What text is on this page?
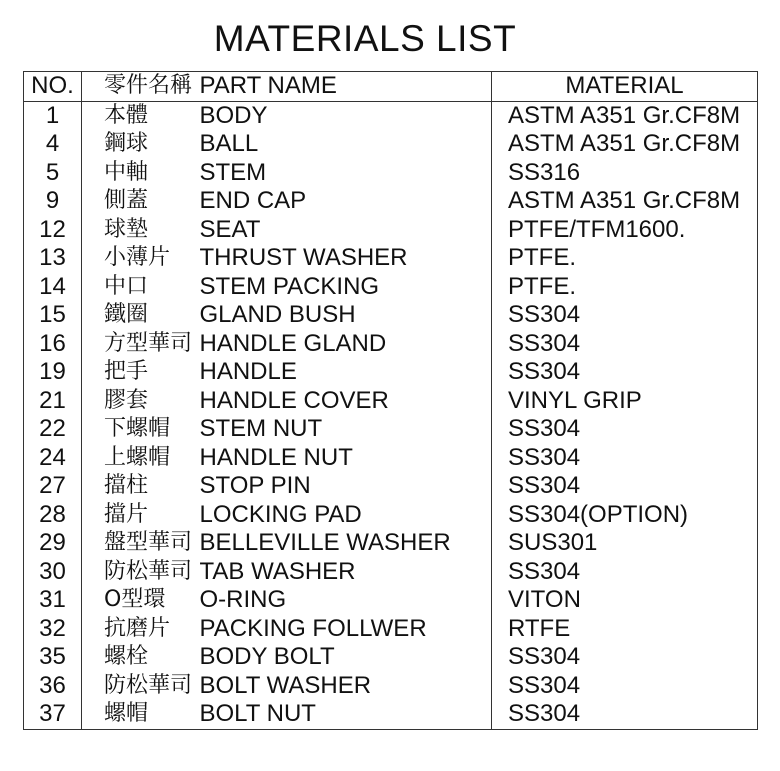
MATERIALS LIST
NO.	零件名稱	PART NAME	MATERIAL
1	本體	BODY	ASTM A351 Gr.CF8M
4	鋼球	BALL	ASTM A351 Gr.CF8M
5	中軸	STEM	SS316
9	側蓋	END CAP	ASTM A351 Gr.CF8M
12	球墊	SEAT	PTFE/TFM1600.
13	小薄片	THRUST WASHER	PTFE.
14	中口	STEM PACKING	PTFE.
15	鐵圈	GLAND BUSH	SS304
16	方型華司	HANDLE GLAND	SS304
19	把手	HANDLE	SS304
21	膠套	HANDLE COVER	VINYL GRIP
22	下螺帽	STEM NUT	SS304
24	上螺帽	HANDLE NUT	SS304
27	擋柱	STOP PIN	SS304
28	擋片	LOCKING PAD	SS304(OPTION)
29	盤型華司	BELLEVILLE WASHER	SUS301
30	防松華司	TAB WASHER	SS304
31	O型環	O-RING	VITON
32	抗磨片	PACKING FOLLWER	RTFE
35	螺栓	BODY BOLT	SS304
36	防松華司	BOLT WASHER	SS304
37	螺帽	BOLT NUT	SS304
